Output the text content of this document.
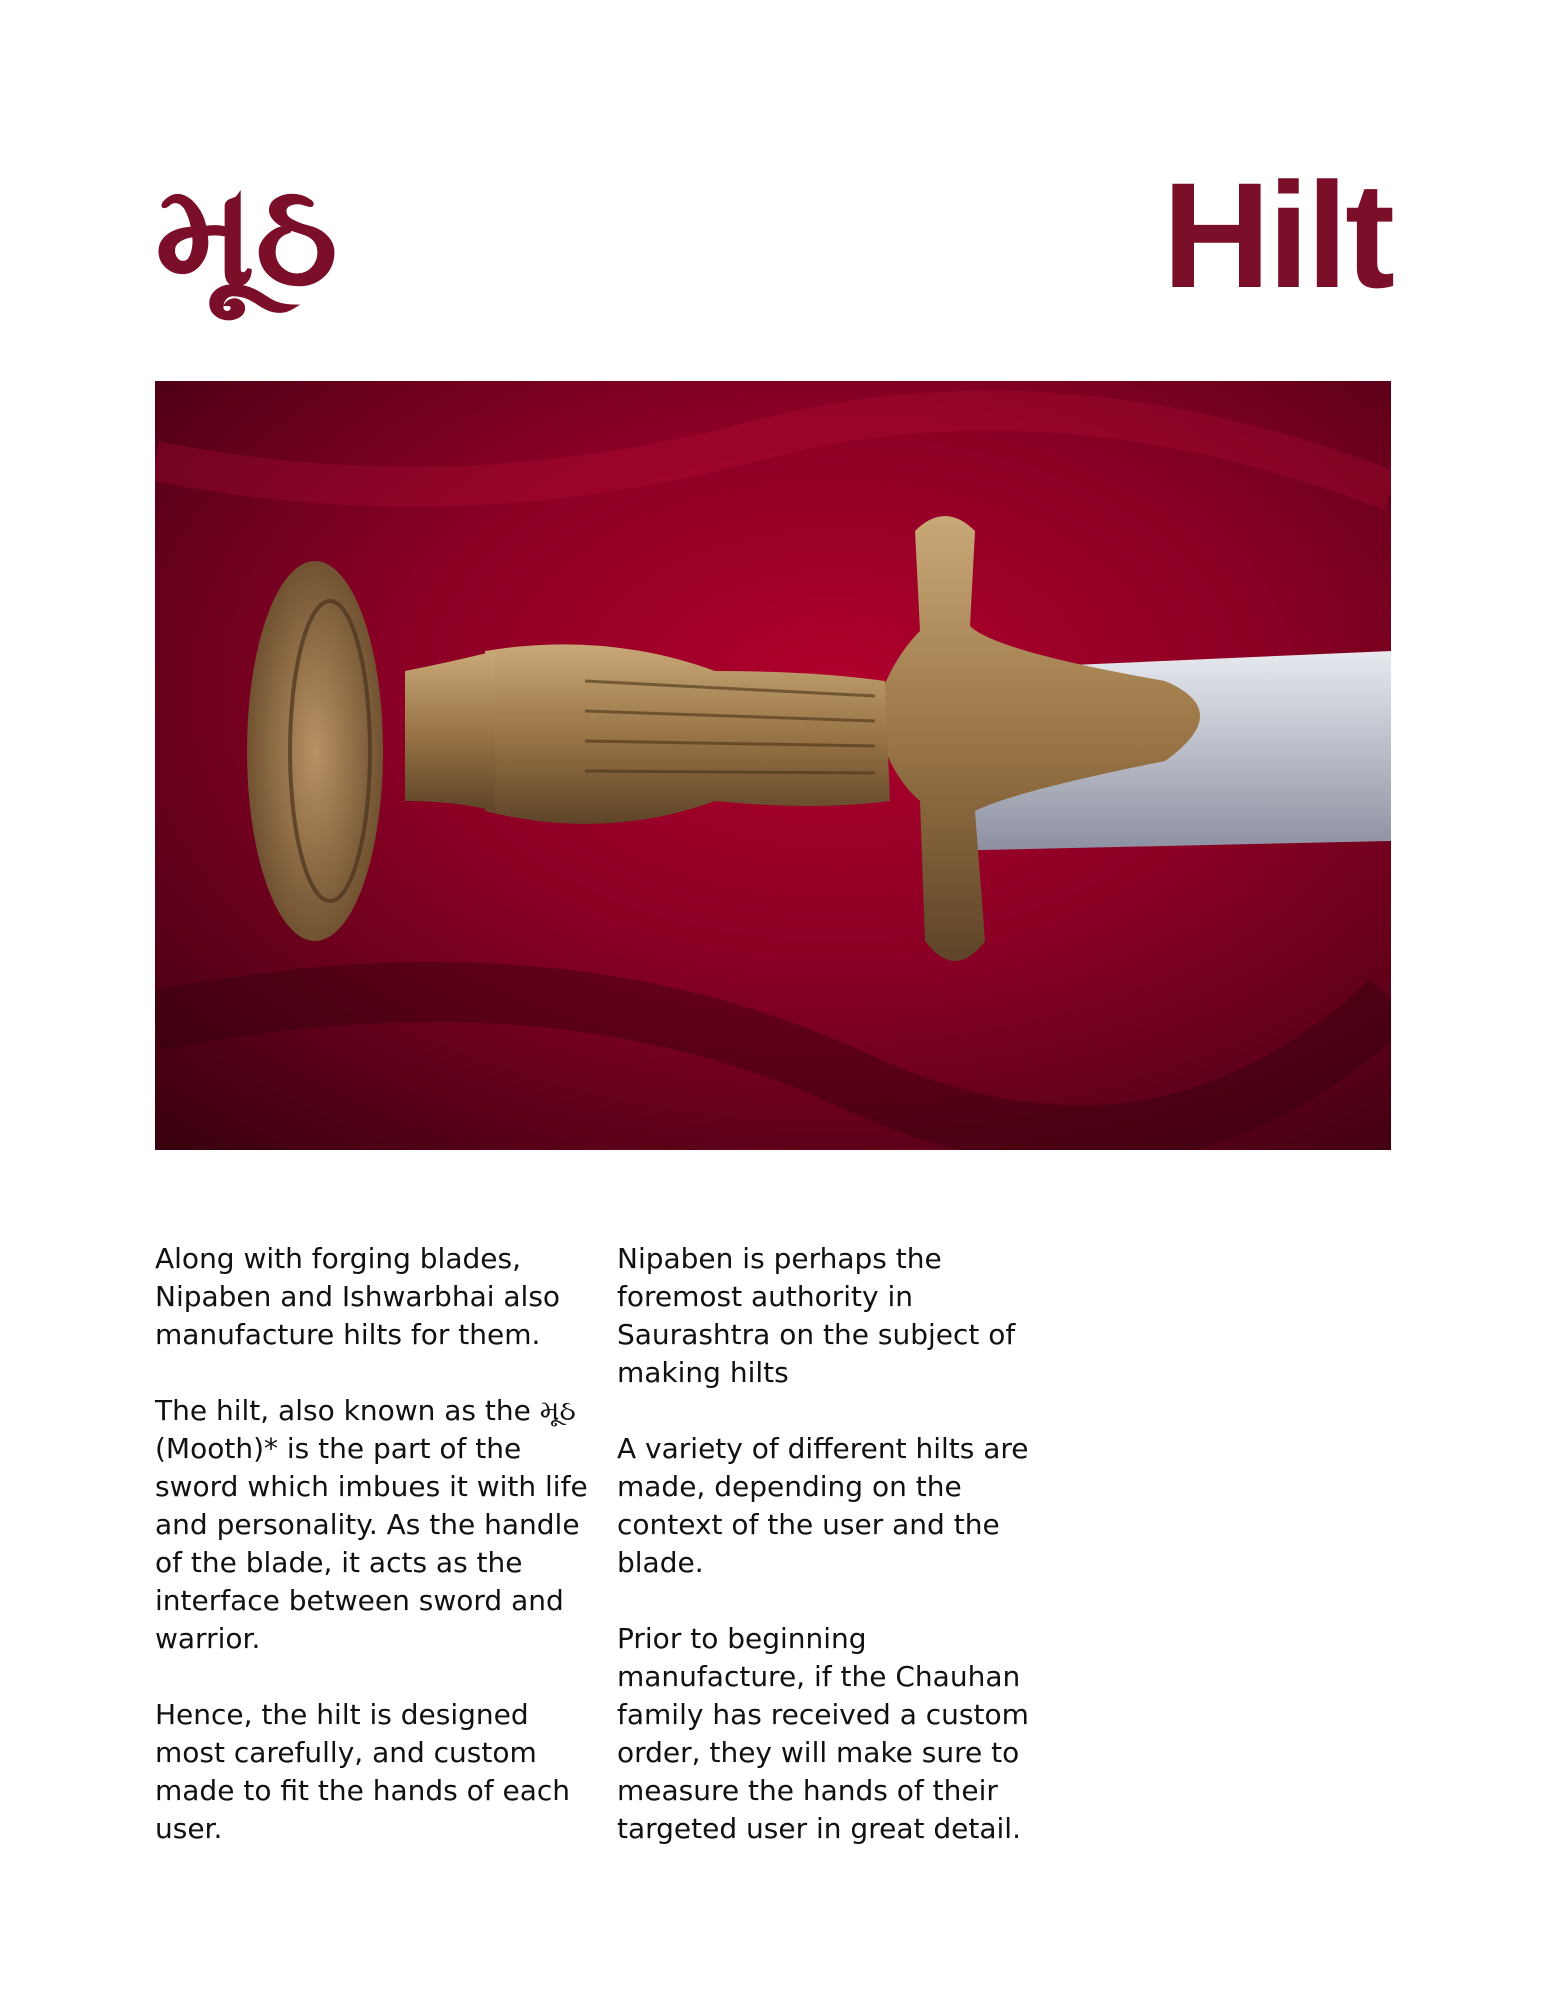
મૂઠ	Hilt

Along with forging blades, Nipaben and Ishwarbhai also manufacture hilts for them.

The hilt, also known as the મૂઠ (Mooth)* is the part of the sword which imbues it with life and personality. As the handle of the blade, it acts as the interface between sword and warrior.

Hence, the hilt is designed most carefully, and custom made to fit the hands of each user.

Nipaben is perhaps the foremost authority in Saurashtra on the subject of making hilts

A variety of different hilts are made, depending on the context of the user and the blade.

Prior to beginning manufacture, if the Chauhan family has received a custom order, they will make sure to measure the hands of their targeted user in great detail.
